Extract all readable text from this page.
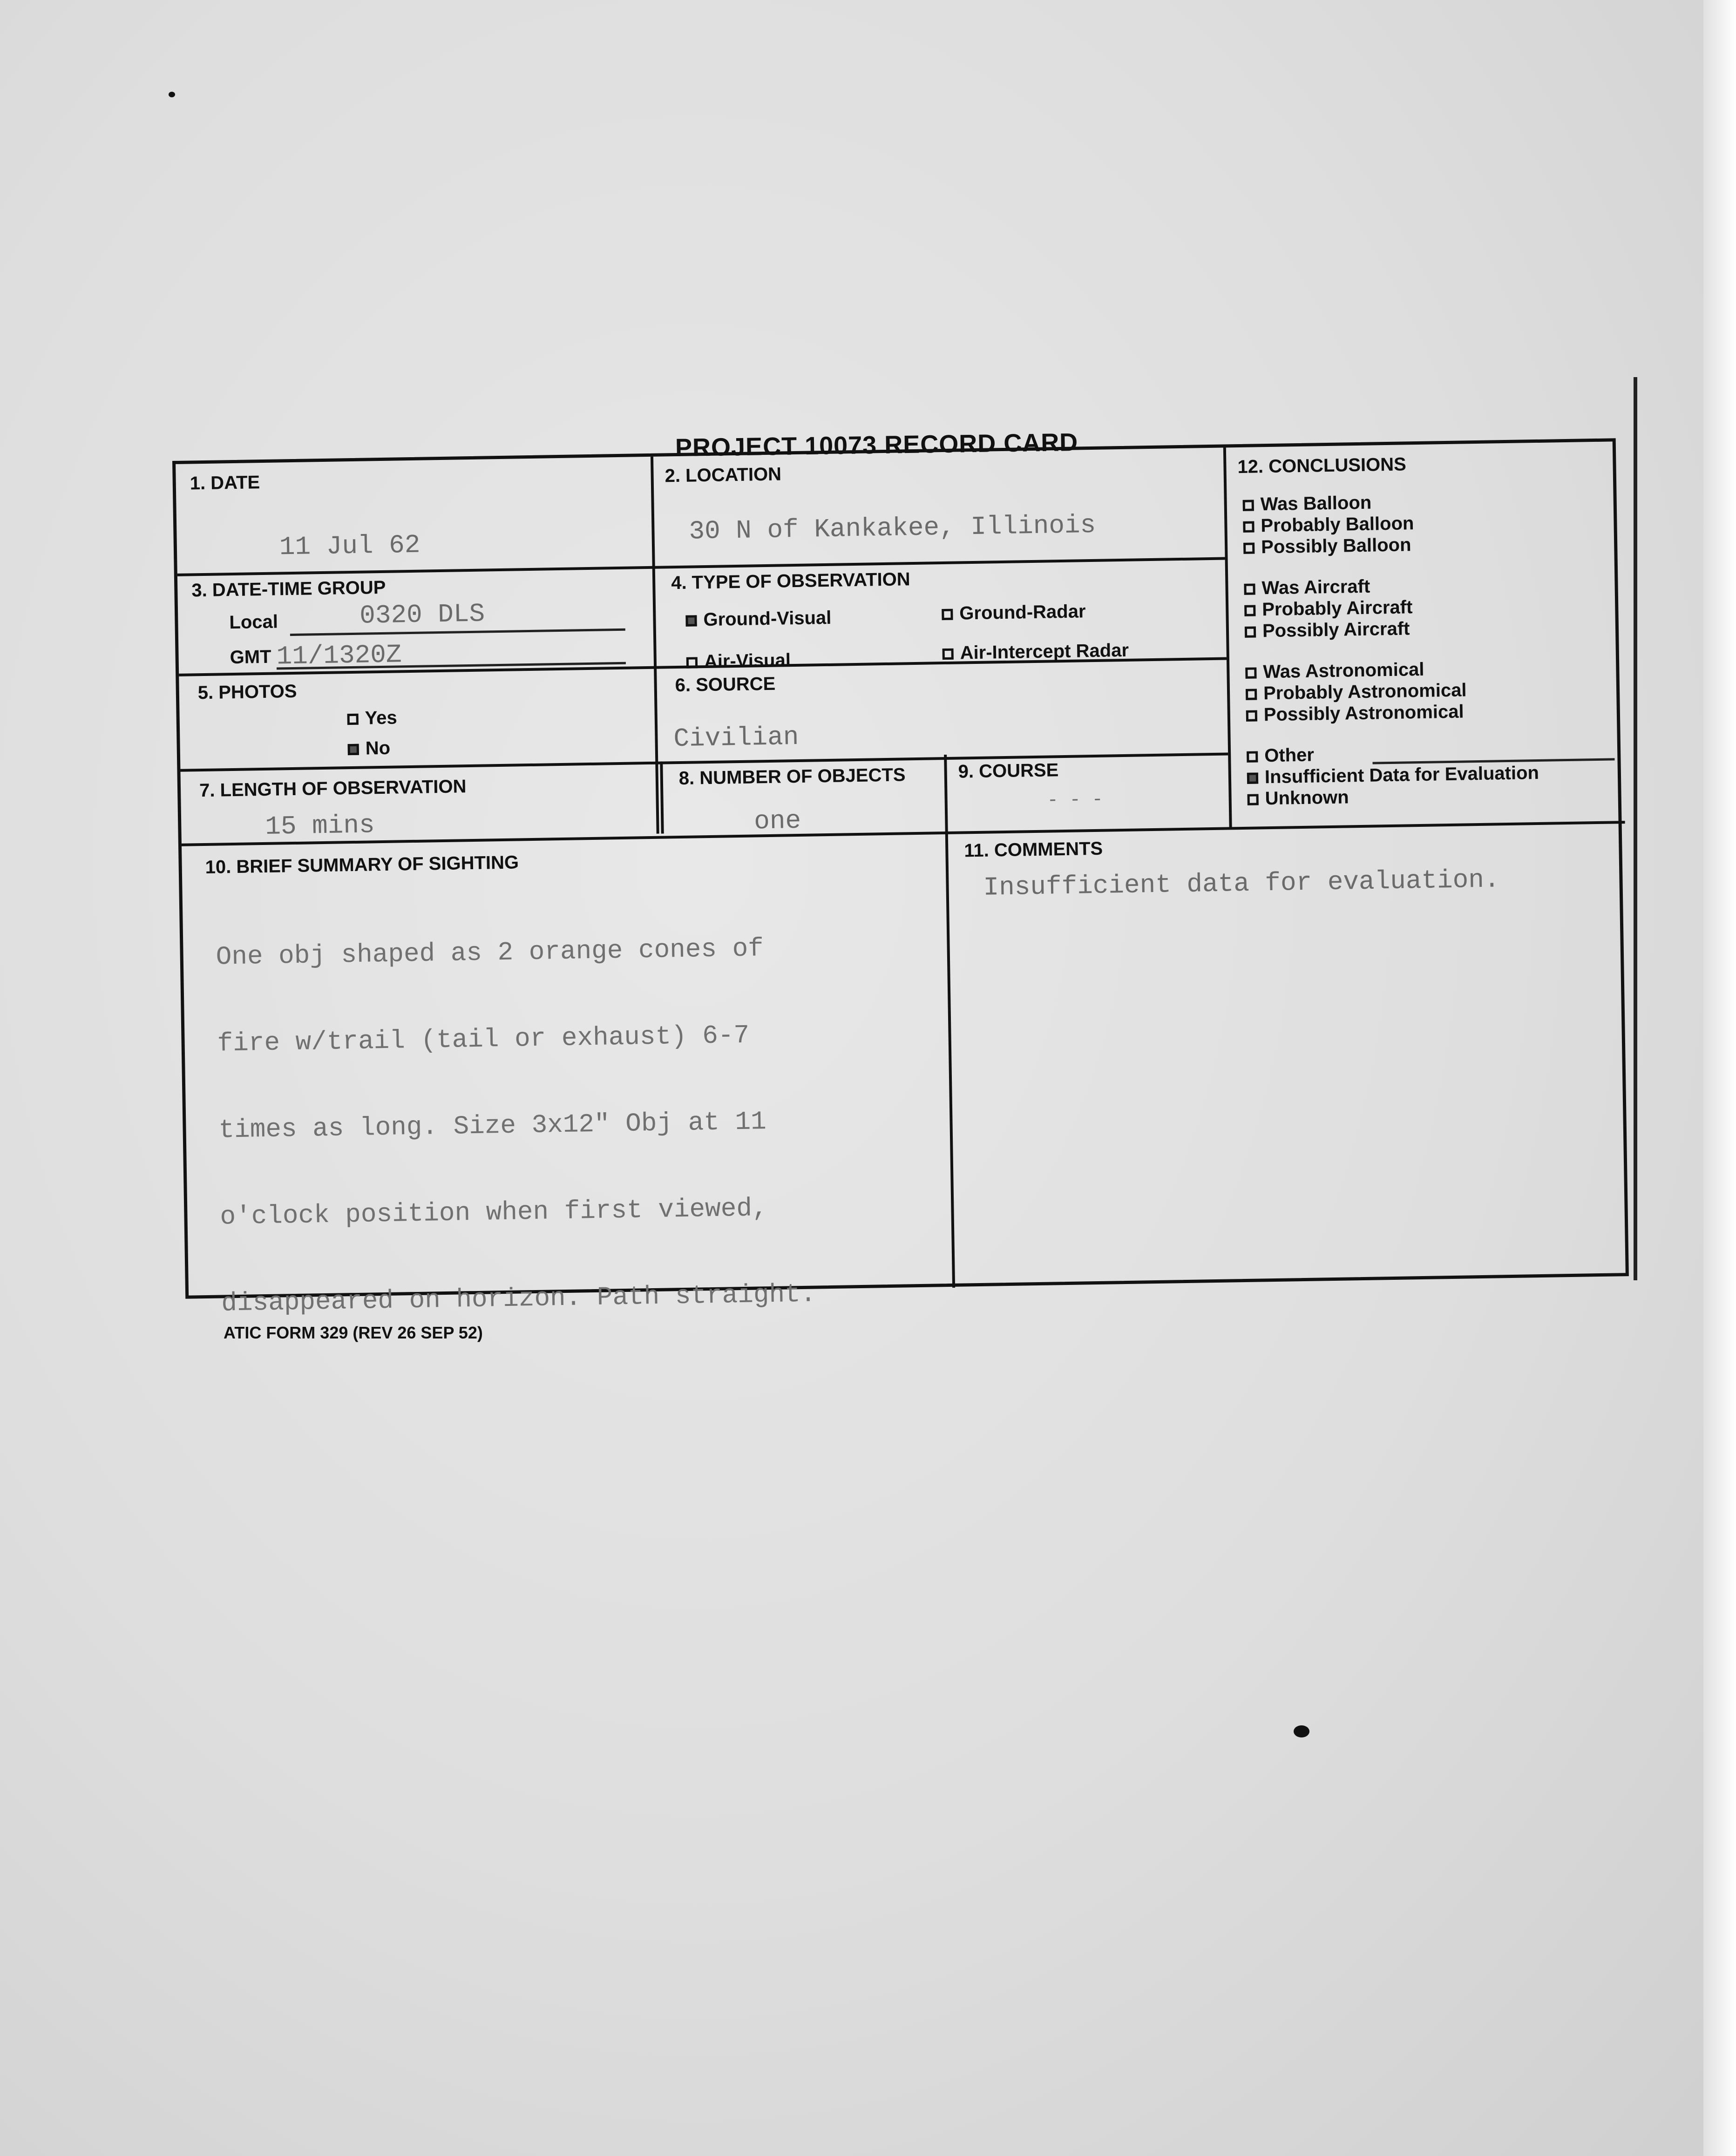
PROJECT 10073 RECORD CARD
1. DATE
11 Jul 62
2. LOCATION
30 N of Kankakee, Illinois
3. DATE-TIME GROUP
Local	0320 DLS
GMT 11/1320Z
4. TYPE OF OBSERVATION
Ground-Visual	Ground-Radar
Air-Visual	Air-Intercept Radar
5. PHOTOS
Yes
No
6. SOURCE
Civilian
7. LENGTH OF OBSERVATION
15 mins
8. NUMBER OF OBJECTS
one
9. COURSE
- - -
10. BRIEF SUMMARY OF SIGHTING

One obj shaped as 2 orange cones of

fire w/trail (tail or exhaust) 6-7

times as long. Size 3x12" Obj at 11

o'clock position when first viewed,

disappeared on horizon. Path straight.

11. COMMENTS
Insufficient data for evaluation.
12. CONCLUSIONS
Was Balloon
Probably Balloon
Possibly Balloon
Was Aircraft
Probably Aircraft
Possibly Aircraft
Was Astronomical
Probably Astronomical
Possibly Astronomical
Other
Insufficient Data for Evaluation
Unknown
ATIC FORM 329 (REV 26 SEP 52)
